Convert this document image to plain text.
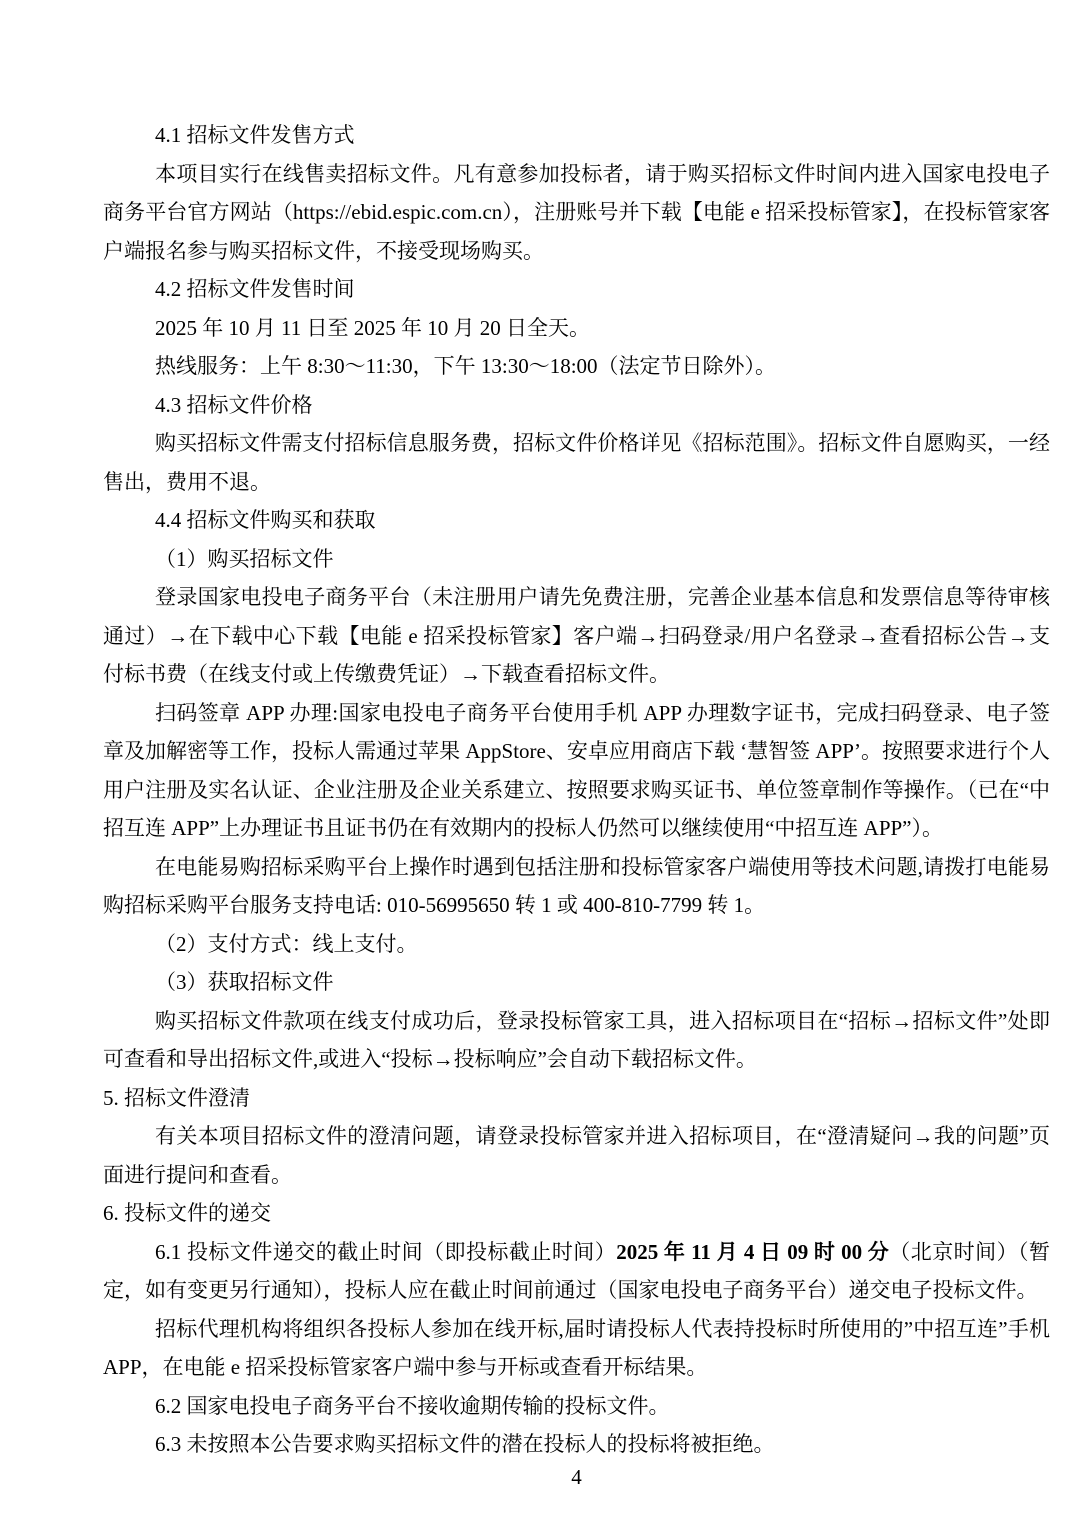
4.1 招标文件发售方式

本项目实行在线售卖招标文件。凡有意参加投标者，请于购买招标文件时间内进入国家电投电子商务平台官方网站（https://ebid.espic.com.cn），注册账号并下载【电能 e 招采投标管家】，在投标管家客户端报名参与购买招标文件，不接受现场购买。

4.2 招标文件发售时间

2025 年 10 月 11 日至 2025 年 10 月 20 日全天。

热线服务：上午 8:30～11:30，下午 13:30～18:00（法定节日除外）。

4.3 招标文件价格

购买招标文件需支付招标信息服务费，招标文件价格详见《招标范围》。招标文件自愿购买，一经售出，费用不退。

4.4 招标文件购买和获取

（1）购买招标文件

登录国家电投电子商务平台（未注册用户请先免费注册，完善企业基本信息和发票信息等待审核通过）→在下载中心下载【电能 e 招采投标管家】客户端→扫码登录/用户名登录→查看招标公告→支付标书费（在线支付或上传缴费凭证）→下载查看招标文件。

扫码签章 APP 办理:国家电投电子商务平台使用手机 APP 办理数字证书，完成扫码登录、电子签章及加解密等工作，投标人需通过苹果 AppStore、安卓应用商店下载 ‘慧智签 APP’。按照要求进行个人用户注册及实名认证、企业注册及企业关系建立、按照要求购买证书、单位签章制作等操作。（已在“中招互连 APP”上办理证书且证书仍在有效期内的投标人仍然可以继续使用“中招互连 APP”）。

在电能易购招标采购平台上操作时遇到包括注册和投标管家客户端使用等技术问题,请拨打电能易购招标采购平台服务支持电话: 010-56995650 转 1 或 400-810-7799 转 1。

（2）支付方式：线上支付。

（3）获取招标文件

购买招标文件款项在线支付成功后，登录投标管家工具，进入招标项目在“招标→招标文件”处即可查看和导出招标文件,或进入“投标→投标响应”会自动下载招标文件。

5. 招标文件澄清

有关本项目招标文件的澄清问题，请登录投标管家并进入招标项目，在“澄清疑问→我的问题”页面进行提问和查看。

6. 投标文件的递交

6.1 投标文件递交的截止时间（即投标截止时间）2025 年 11 月 4 日 09 时 00 分（北京时间）（暂定，如有变更另行通知），投标人应在截止时间前通过（国家电投电子商务平台）递交电子投标文件。

招标代理机构将组织各投标人参加在线开标,届时请投标人代表持投标时所使用的”中招互连”手机 APP，在电能 e 招采投标管家客户端中参与开标或查看开标结果。

6.2 国家电投电子商务平台不接收逾期传输的投标文件。

6.3 未按照本公告要求购买招标文件的潜在投标人的投标将被拒绝。

4
